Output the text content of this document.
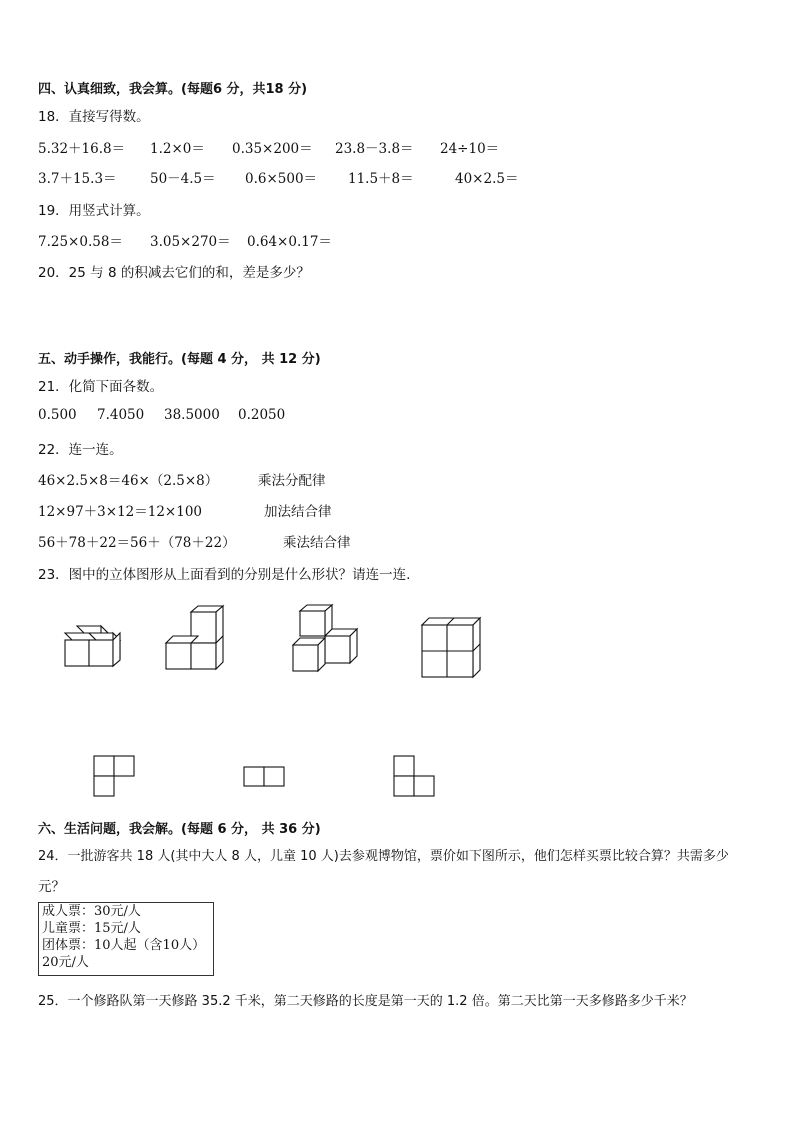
四、认真细致，我会算。(每题6 分，共18 分)
18．直接写得数。
5.32＋16.8＝ 1.2×0＝ 0.35×200＝ 23.8－3.8＝ 24÷10＝
3.7＋15.3＝ 50－4.5＝ 0.6×500＝ 11.5＋8＝	40×2.5＝
19．用竖式计算。
7.25×0.58＝ 3.05×270＝ 0.64×0.17＝
20．25 与 8 的积减去它们的和，差是多少？
五、动手操作，我能行。(每题 4 分， 共 12 分)
21．化简下面各数。
0.500 7.4050 38.5000 0.2050
22．连一连。
46×2.5×8＝46×（2.5×8）	乘法分配律
12×97＋3×12＝12×100	加法结合律
56＋78＋22＝56＋（78＋22）	乘法结合律
23．图中的立体图形从上面看到的分别是什么形状？请连一连.
六、生活问题，我会解。(每题 6 分， 共 36 分)
24．一批游客共 18 人(其中大人 8 人，儿童 10 人)去参观博物馆，票价如下图所示，他们怎样买票比较合算？共需多少
元？
成人票：30元/人
儿童票：15元/人
团体票：10人起（含10人）
20元/人
25．一个修路队第一天修路 35.2 千米，第二天修路的长度是第一天的 1.2 倍。第二天比第一天多修路多少千米？
